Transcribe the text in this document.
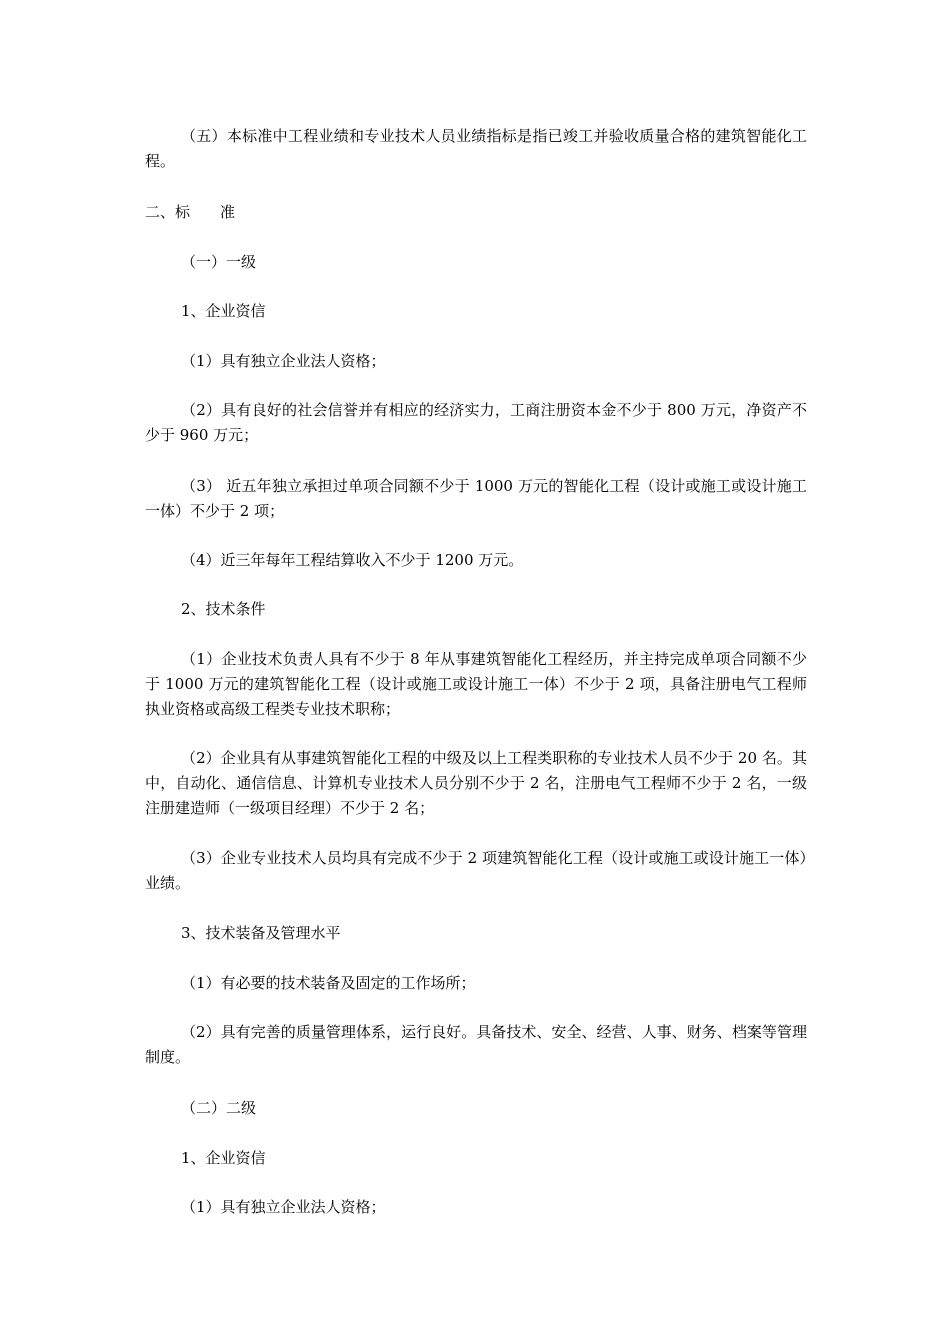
（五）本标准中工程业绩和专业技术人员业绩指标是指已竣工并验收质量合格的建筑智能化工程。

二、标　　准

（一）一级

1、企业资信

（1）具有独立企业法人资格；

（2）具有良好的社会信誉并有相应的经济实力，工商注册资本金不少于 800 万元，净资产不少于 960 万元；

（3） 近五年独立承担过单项合同额不少于 1000 万元的智能化工程（设计或施工或设计施工一体）不少于 2 项；

（4）近三年每年工程结算收入不少于 1200 万元。

2、技术条件

（1）企业技术负责人具有不少于 8 年从事建筑智能化工程经历，并主持完成单项合同额不少于 1000 万元的建筑智能化工程（设计或施工或设计施工一体）不少于 2 项，具备注册电气工程师执业资格或高级工程类专业技术职称；

（2）企业具有从事建筑智能化工程的中级及以上工程类职称的专业技术人员不少于 20 名。其中，自动化、通信信息、计算机专业技术人员分别不少于 2 名，注册电气工程师不少于 2 名，一级注册建造师（一级项目经理）不少于 2 名；

（3）企业专业技术人员均具有完成不少于 2 项建筑智能化工程（设计或施工或设计施工一体）业绩。

3、技术装备及管理水平

（1）有必要的技术装备及固定的工作场所；

（2）具有完善的质量管理体系，运行良好。具备技术、安全、经营、人事、财务、档案等管理制度。

（二）二级

1、企业资信

（1）具有独立企业法人资格；
